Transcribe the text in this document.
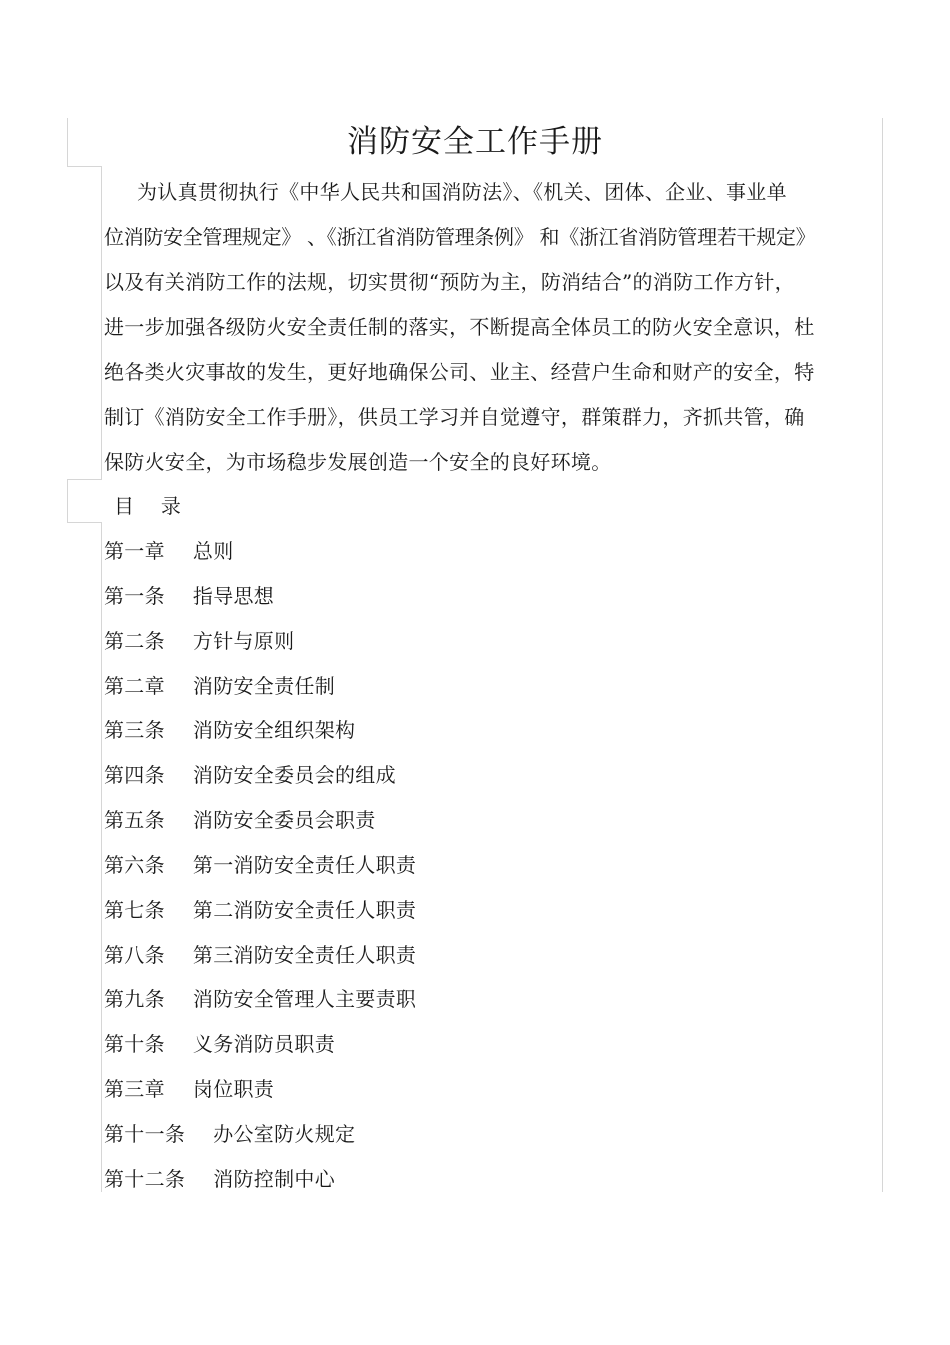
消防安全工作手册
为认真贯彻执行《中华人民共和国消防法》、《机关、团体、企业、事业单
位消防安全管理规定》 、《浙江省消防管理条例》 和《浙江省消防管理若干规定》
以及有关消防工作的法规，切实贯彻“预防为主，防消结合”的消防工作方针，
进一步加强各级防火安全责任制的落实，不断提高全体员工的防火安全意识，杜
绝各类火灾事故的发生，更好地确保公司、业主、经营户生命和财产的安全，特
制订《消防安全工作手册》，供员工学习并自觉遵守，群策群力，齐抓共管，确
保防火安全，为市场稳步发展创造一个安全的良好环境。
目    录
第一章 总则
第一条 指导思想
第二条 方针与原则
第二章 消防安全责任制
第三条 消防安全组织架构
第四条 消防安全委员会的组成
第五条 消防安全委员会职责
第六条 第一消防安全责任人职责
第七条 第二消防安全责任人职责
第八条 第三消防安全责任人职责
第九条 消防安全管理人主要责职
第十条 义务消防员职责
第三章 岗位职责
第十一条 办公室防火规定
第十二条 消防控制中心
